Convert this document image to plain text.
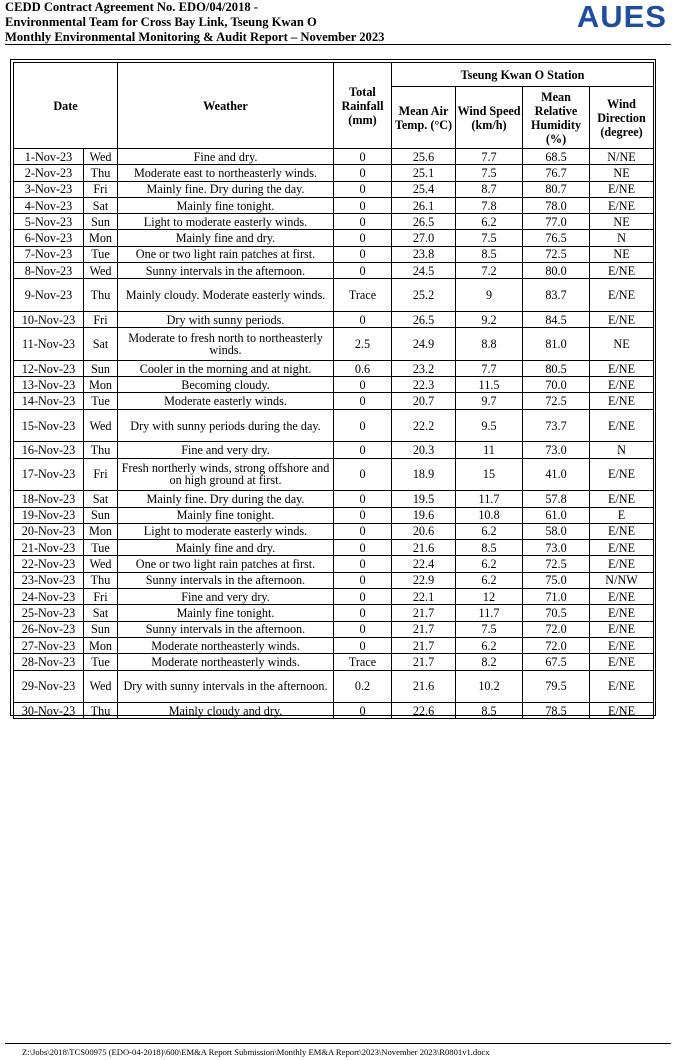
CEDD Contract Agreement No. EDO/04/2018 -
Environmental Team for Cross Bay Link, Tseung Kwan O
Monthly Environmental Monitoring & Audit Report – November 2023
AUES
Date		Weather	Total Rainfall (mm)	Tseung Kwan O Station			
				Mean Air Temp. (°C)	Wind Speed (km/h)	Mean Relative Humidity (%)	Wind Direction (degree)
1-Nov-23	Wed	Fine and dry.	0	25.6	7.7	68.5	N/NE
2-Nov-23	Thu	Moderate east to northeasterly winds.	0	25.1	7.5	76.7	NE
3-Nov-23	Fri	Mainly fine. Dry during the day.	0	25.4	8.7	80.7	E/NE
4-Nov-23	Sat	Mainly fine tonight.	0	26.1	7.8	78.0	E/NE
5-Nov-23	Sun	Light to moderate easterly winds.	0	26.5	6.2	77.0	NE
6-Nov-23	Mon	Mainly fine and dry.	0	27.0	7.5	76.5	N
7-Nov-23	Tue	One or two light rain patches at first.	0	23.8	8.5	72.5	NE
8-Nov-23	Wed	Sunny intervals in the afternoon.	0	24.5	7.2	80.0	E/NE
9-Nov-23	Thu	Mainly cloudy. Moderate easterly winds.	Trace	25.2	9	83.7	E/NE
10-Nov-23	Fri	Dry with sunny periods.	0	26.5	9.2	84.5	E/NE
11-Nov-23	Sat	Moderate to fresh north to northeasterly winds.	2.5	24.9	8.8	81.0	NE
12-Nov-23	Sun	Cooler in the morning and at night.	0.6	23.2	7.7	80.5	E/NE
13-Nov-23	Mon	Becoming cloudy.	0	22.3	11.5	70.0	E/NE
14-Nov-23	Tue	Moderate easterly winds.	0	20.7	9.7	72.5	E/NE
15-Nov-23	Wed	Dry with sunny periods during the day.	0	22.2	9.5	73.7	E/NE
16-Nov-23	Thu	Fine and very dry.	0	20.3	11	73.0	N
17-Nov-23	Fri	Fresh northerly winds, strong offshore and on high ground at first.	0	18.9	15	41.0	E/NE
18-Nov-23	Sat	Mainly fine. Dry during the day.	0	19.5	11.7	57.8	E/NE
19-Nov-23	Sun	Mainly fine tonight.	0	19.6	10.8	61.0	E
20-Nov-23	Mon	Light to moderate easterly winds.	0	20.6	6.2	58.0	E/NE
21-Nov-23	Tue	Mainly fine and dry.	0	21.6	8.5	73.0	E/NE
22-Nov-23	Wed	One or two light rain patches at first.	0	22.4	6.2	72.5	E/NE
23-Nov-23	Thu	Sunny intervals in the afternoon.	0	22.9	6.2	75.0	N/NW
24-Nov-23	Fri	Fine and very dry.	0	22.1	12	71.0	E/NE
25-Nov-23	Sat	Mainly fine tonight.	0	21.7	11.7	70.5	E/NE
26-Nov-23	Sun	Sunny intervals in the afternoon.	0	21.7	7.5	72.0	E/NE
27-Nov-23	Mon	Moderate northeasterly winds.	0	21.7	6.2	72.0	E/NE
28-Nov-23	Tue	Moderate northeasterly winds.	Trace	21.7	8.2	67.5	E/NE
29-Nov-23	Wed	Dry with sunny intervals in the afternoon.	0.2	21.6	10.2	79.5	E/NE
30-Nov-23	Thu	Mainly cloudy and dry.	0	22.6	8.5	78.5	E/NE
Z:\Jobs\2018\TCS00975 (EDO-04-2018)\600\EM&A Report Submission\Monthly EM&A Report\2023\November 2023\R0801v1.docx
